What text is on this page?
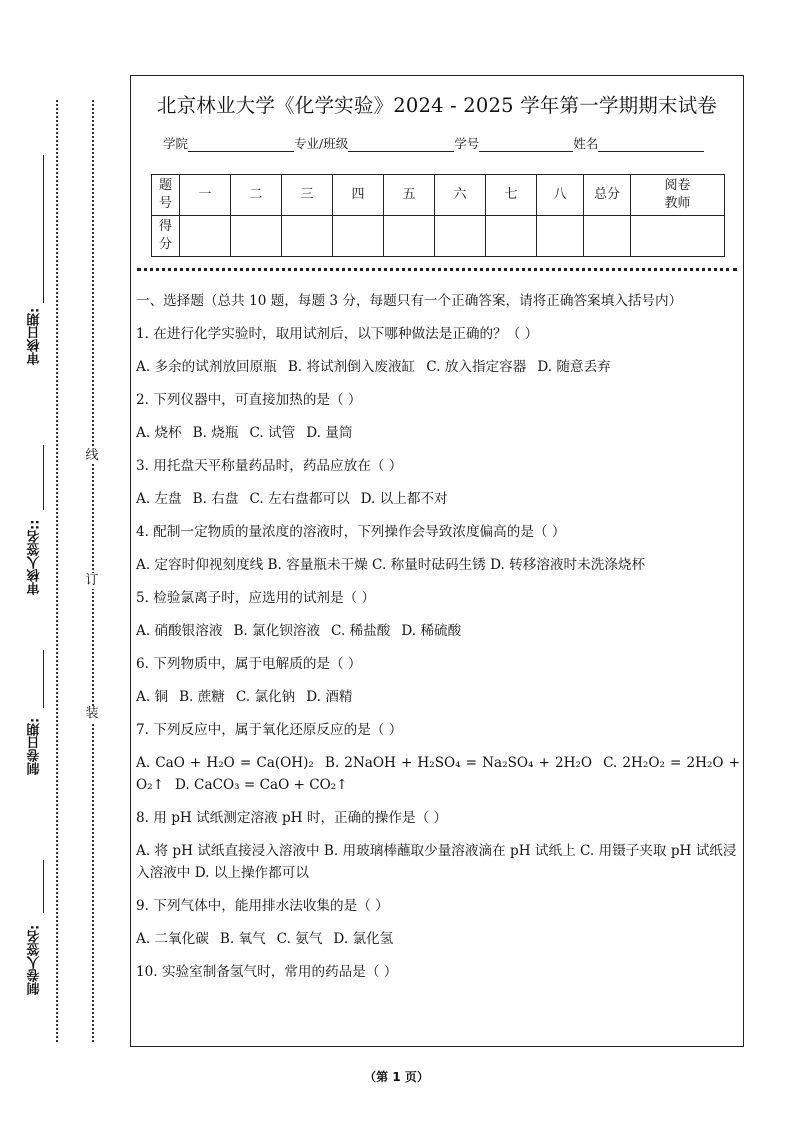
线
订
装
审核日期:
审核人签名::
制卷日期:
制卷人签名:
北京林业大学《化学实验》2024 - 2025 学年第一学期期末试卷
学院	专业/班级	学号	姓名
题号	一	二	三	四	五	六	七	八	总分	阅卷教师
得分										

一、选择题（总共 10 题，每题 3 分，每题只有一个正确答案，请将正确答案填入括号内）

1. 在进行化学实验时，取用试剂后，以下哪种做法是正确的？（ ）

A. 多余的试剂放回原瓶 B. 将试剂倒入废液缸 C. 放入指定容器 D. 随意丢弃

2. 下列仪器中，可直接加热的是（ ）

A. 烧杯 B. 烧瓶 C. 试管 D. 量筒

3. 用托盘天平称量药品时，药品应放在（ ）

A. 左盘 B. 右盘 C. 左右盘都可以 D. 以上都不对

4. 配制一定物质的量浓度的溶液时，下列操作会导致浓度偏高的是（ ）

A. 定容时仰视刻度线 B. 容量瓶未干燥 C. 称量时砝码生锈 D. 转移溶液时未洗涤烧杯

5. 检验氯离子时，应选用的试剂是（ ）

A. 硝酸银溶液 B. 氯化钡溶液 C. 稀盐酸 D. 稀硫酸

6. 下列物质中，属于电解质的是（ ）

A. 铜 B. 蔗糖 C. 氯化钠 D. 酒精

7. 下列反应中，属于氧化还原反应的是（ ）

A. CaO + H₂O = Ca(OH)₂ B. 2NaOH + H₂SO₄ = Na₂SO₄ + 2H₂O C. 2H₂O₂ = 2H₂O + O₂↑ D. CaCO₃ = CaO + CO₂↑

8. 用 pH 试纸测定溶液 pH 时，正确的操作是（ ）

A. 将 pH 试纸直接浸入溶液中 B. 用玻璃棒蘸取少量溶液滴在 pH 试纸上 C. 用镊子夹取 pH 试纸浸入溶液中 D. 以上操作都可以

9. 下列气体中，能用排水法收集的是（ ）

A. 二氧化碳 B. 氧气 C. 氨气 D. 氯化氢

10. 实验室制备氢气时，常用的药品是（ ）

（第 1 页）
